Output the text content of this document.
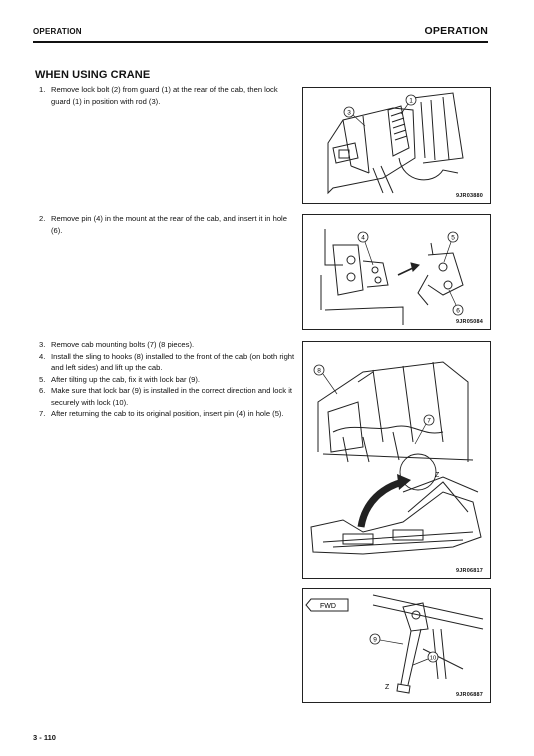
OPERATION	OPERATION
WHEN USING CRANE
1. Remove lock bolt (2) from guard (1) at the rear of the cab, then lock guard (1) in position with rod (3).
2. Remove pin (4) in the mount at the rear of the cab, and insert it in hole (6).
3. Remove cab mounting bolts (7) (8 pieces).
4. Install the sling to hooks (8) installed to the front of the cab (on both right and left sides) and lift up the cab.
5. After tilting up the cab, fix it with lock bar (9).
6. Make sure that lock bar (9) is installed in the correct direction and lock it securely with lock (10).
7. After returning the cab to its original position, insert pin (4) in hole (5).
3
1
9JR03880
4	5
6
9JR05084
8
7
Z
9JR06817
FWD
9
10
Z
9JR06887
3 - 110
